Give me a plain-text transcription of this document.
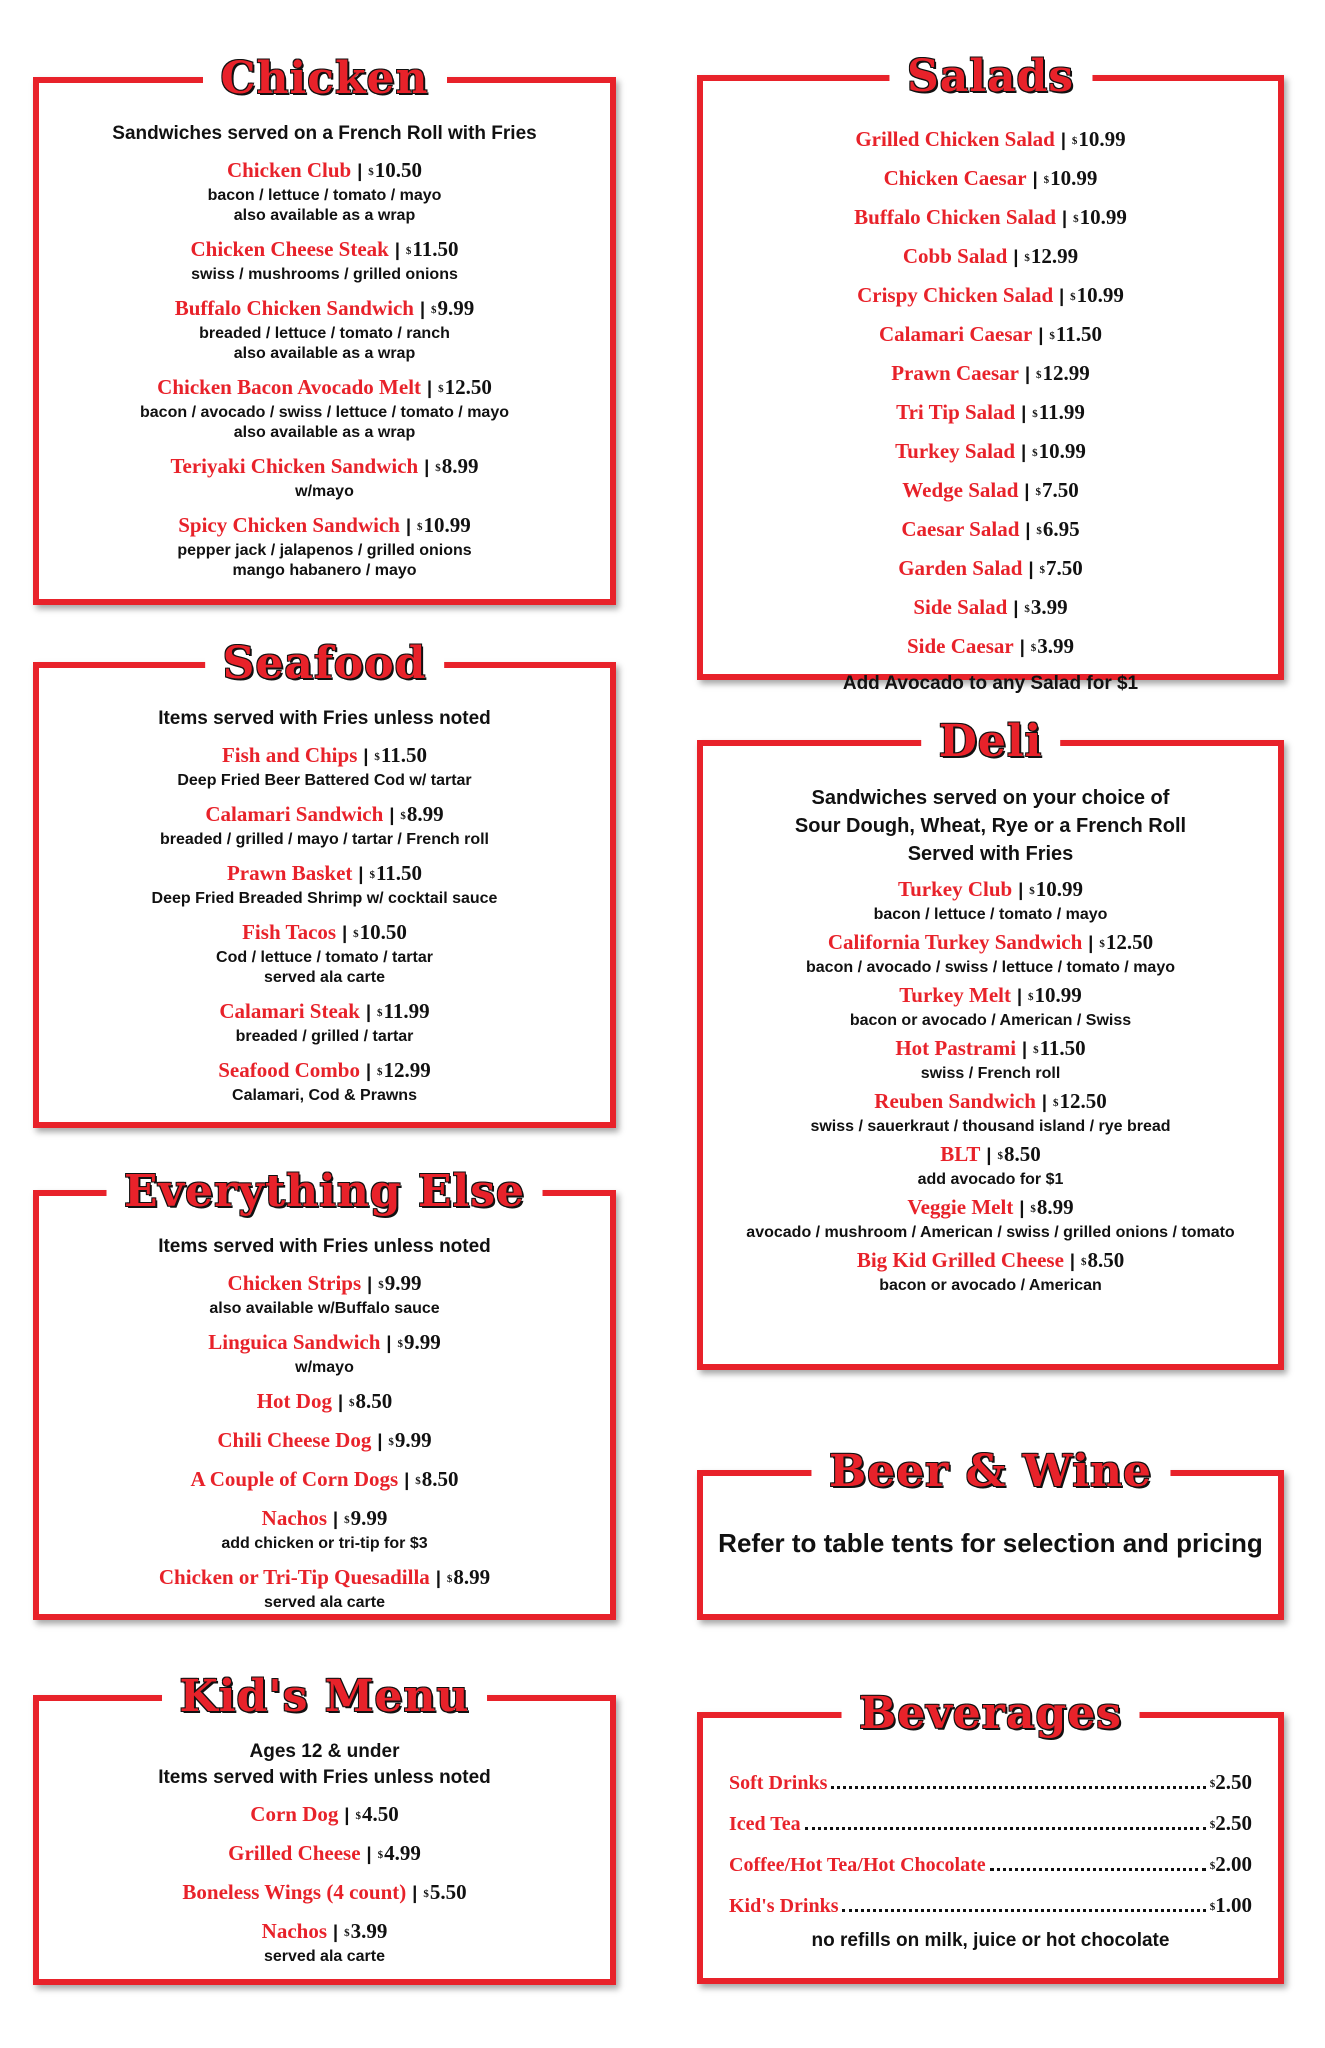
Chicken
Sandwiches served on a French Roll with Fries
Chicken Club | $10.50
bacon / lettuce / tomato / mayo
also available as a wrap
Chicken Cheese Steak | $11.50
swiss / mushrooms / grilled onions
Buffalo Chicken Sandwich | $9.99
breaded / lettuce / tomato / ranch
also available as a wrap
Chicken Bacon Avocado Melt | $12.50
bacon / avocado / swiss / lettuce / tomato / mayo
also available as a wrap
Teriyaki Chicken Sandwich | $8.99
w/mayo
Spicy Chicken Sandwich | $10.99
pepper jack / jalapenos / grilled onions
mango habanero / mayo
Seafood
Items served with Fries unless noted
Fish and Chips | $11.50
Deep Fried Beer Battered Cod w/ tartar
Calamari Sandwich | $8.99
breaded / grilled / mayo / tartar / French roll
Prawn Basket | $11.50
Deep Fried Breaded Shrimp w/ cocktail sauce
Fish Tacos | $10.50
Cod / lettuce / tomato / tartar
served ala carte
Calamari Steak | $11.99
breaded / grilled / tartar
Seafood Combo | $12.99
Calamari, Cod & Prawns
Everything Else
Items served with Fries unless noted
Chicken Strips | $9.99
also available w/Buffalo sauce
Linguica Sandwich | $9.99
w/mayo
Hot Dog | $8.50
Chili Cheese Dog | $9.99
A Couple of Corn Dogs | $8.50
Nachos | $9.99
add chicken or tri-tip for $3
Chicken or Tri-Tip Quesadilla | $8.99
served ala carte
Kid's Menu
Ages 12 & under
Items served with Fries unless noted
Corn Dog | $4.50
Grilled Cheese | $4.99
Boneless Wings (4 count) | $5.50
Nachos | $3.99
served ala carte
Salads
Grilled Chicken Salad | $10.99
Chicken Caesar | $10.99
Buffalo Chicken Salad | $10.99
Cobb Salad | $12.99
Crispy Chicken Salad | $10.99
Calamari Caesar | $11.50
Prawn Caesar | $12.99
Tri Tip Salad | $11.99
Turkey Salad | $10.99
Wedge Salad | $7.50
Caesar Salad | $6.95
Garden Salad | $7.50
Side Salad | $3.99
Side Caesar | $3.99
Add Avocado to any Salad for $1
Deli
Sandwiches served on your choice of
Sour Dough, Wheat, Rye or a French Roll
Served with Fries
Turkey Club | $10.99
bacon / lettuce / tomato / mayo
California Turkey Sandwich | $12.50
bacon / avocado / swiss / lettuce / tomato / mayo
Turkey Melt | $10.99
bacon or avocado / American / Swiss
Hot Pastrami | $11.50
swiss / French roll
Reuben Sandwich | $12.50
swiss / sauerkraut / thousand island / rye bread
BLT | $8.50
add avocado for $1
Veggie Melt | $8.99
avocado / mushroom / American / swiss / grilled onions / tomato
Big Kid Grilled Cheese | $8.50
bacon or avocado / American
Beer & Wine
Refer to table tents for selection and pricing
Beverages
Soft Drinks	$2.50
Iced Tea	$2.50
Coffee/Hot Tea/Hot Chocolate	$2.00
Kid's Drinks	$1.00
no refills on milk, juice or hot chocolate
